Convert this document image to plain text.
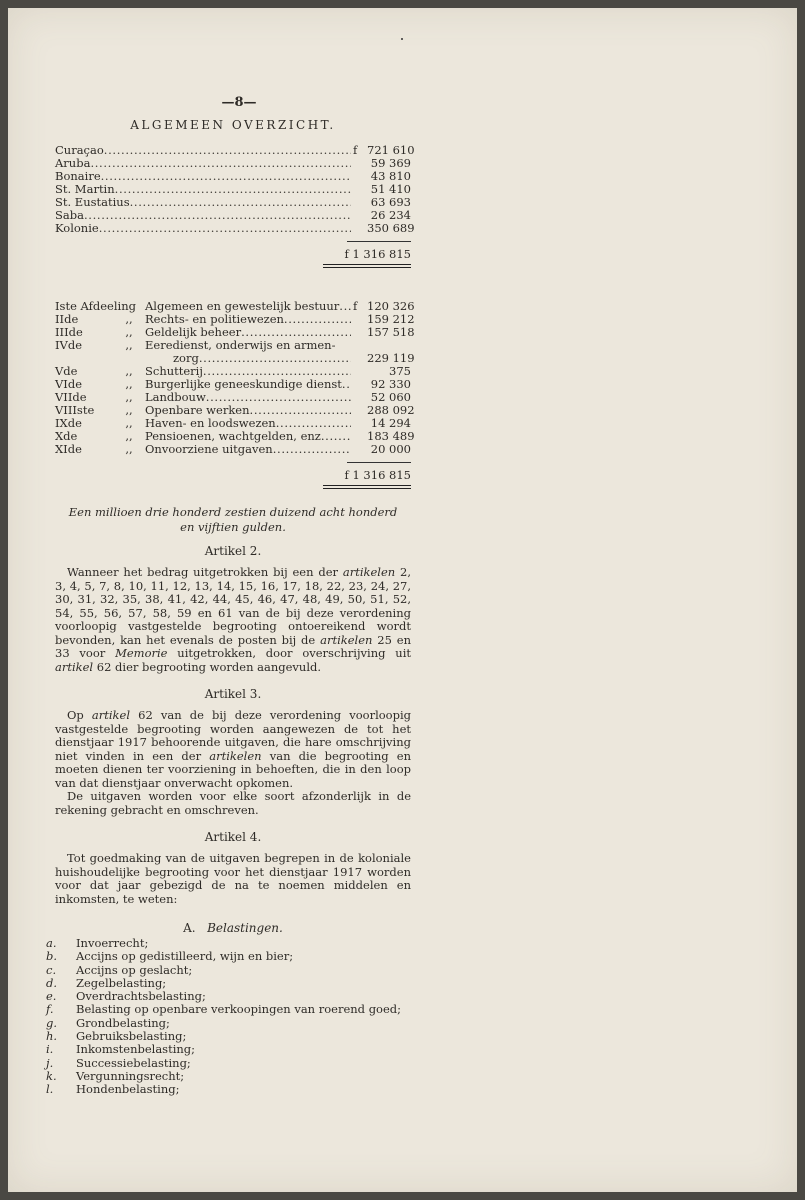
—8—
ALGEMEEN OVERZICHT.
Curaçao . . .	f 721 610
Aruba . . .	59 369
Bonaire . . .	43 810
St. Martin . . .	51 410
St. Eustatius . . .	63 693
Saba . . .	26 234
Kolonie . . .	350 689
f 1 316 815
Iste Afdeeling Algemeen en gewestelijk bestuur . . . f 120 326
IIde	,,	Rechts- en politiewezen . . .	159 212
IIIde	,,	Geldelijk beheer . . .	157 518
IVde	,,	Eeredienst, onderwijs en armen-
zorg . . .	229 119
Vde	,,	Schutterij . . .	375
VIde	,,	Burgerlijke geneeskundige dienst . . .	92 330
VIIde	,,	Landbouw . . .	52 060
VIIIste	,,	Openbare werken . . .	288 092
IXde	,,	Haven- en loodswezen . . .	14 294
Xde	,,	Pensioenen, wachtgelden, enz . . .	183 489
XIde	,,	Onvoorziene uitgaven . . .	20 000
f 1 316 815
Een millioen drie honderd zestien duizend acht honderd
en vijftien gulden.
Artikel 2.

Wanneer het bedrag uitgetrokken bij een der artikelen 2, 3, 4, 5, 7, 8, 10, 11, 12, 13, 14, 15, 16, 17, 18, 22, 23, 24, 27, 30, 31, 32, 35, 38, 41, 42, 44, 45, 46, 47, 48, 49, 50, 51, 52, 54, 55, 56, 57, 58, 59 en 61 van de bij deze verordening voorloopig vastgestelde begrooting ontoereikend wordt bevonden, kan het evenals de posten bij de artikelen 25 en 33 voor Memorie uitgetrokken, door overschrijving uit artikel 62 dier begrooting worden aangevuld.

Artikel 3.

Op artikel 62 van de bij deze verordening voorloopig vastgestelde begrooting worden aangewezen de tot het dienstjaar 1917 behoorende uitgaven, die hare omschrijving niet vinden in een der artikelen van die begrooting en moeten dienen ter voorziening in behoeften, die in den loop van dat dienstjaar onverwacht opkomen.

De uitgaven worden voor elke soort afzonderlijk in de rekening gebracht en omschreven.

Artikel 4.

Tot goedmaking van de uitgaven begrepen in de koloniale huishoudelijke begrooting voor het dienstjaar 1917 worden voor dat jaar gebezigd de na te noemen middelen en inkomsten, te weten:

A. Belastingen.
a.	Invoerrecht;
b.	Accijns op gedistilleerd, wijn en bier;
c.	Accijns op geslacht;
d.	Zegelbelasting;
e.	Overdrachtsbelasting;
f.	Belasting op openbare verkoopingen van roerend goed;
g.	Grondbelasting;
h.	Gebruiksbelasting;
i.	Inkomstenbelasting;
j.	Successiebelasting;
k.	Vergunningsrecht;
l.	Hondenbelasting;
